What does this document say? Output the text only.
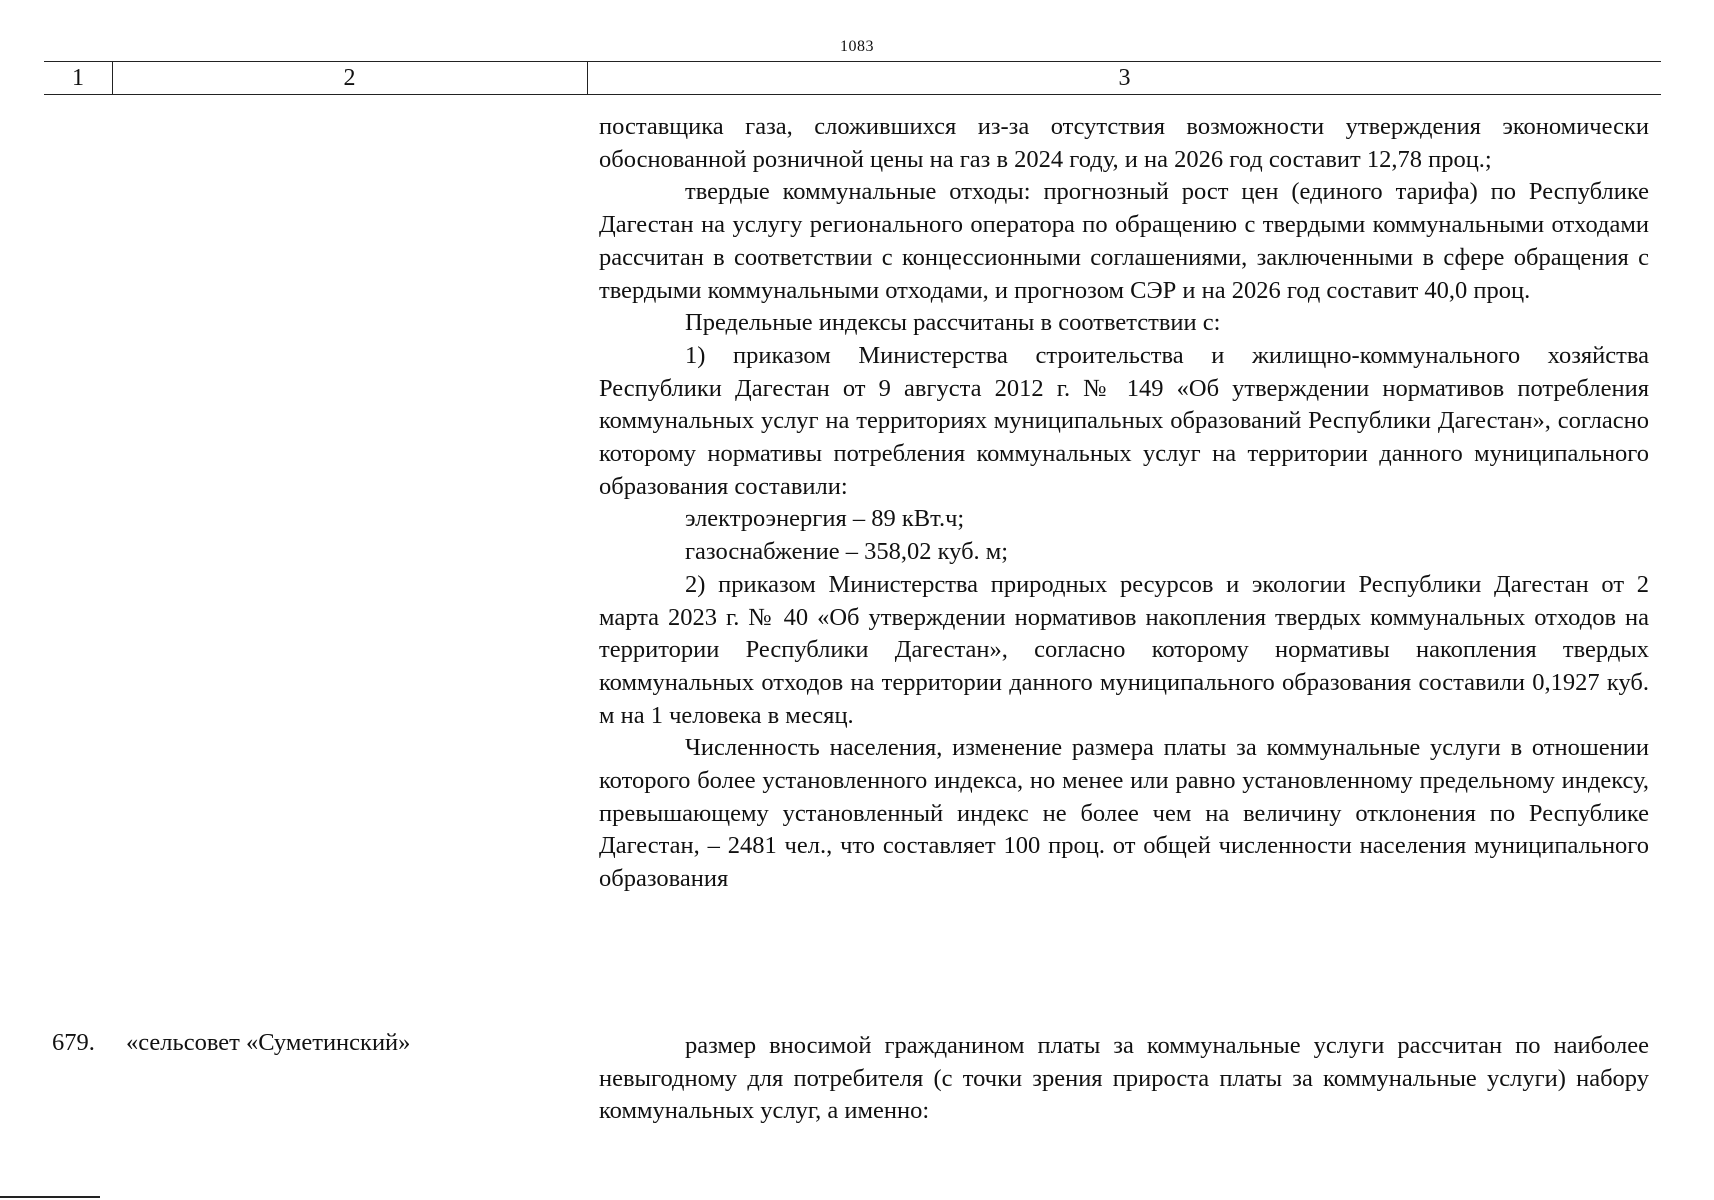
1083
1	2	3

поставщика газа, сложившихся из-за отсутствия возможности утверждения экономически обоснованной розничной цены на газ в 2024 году, и на 2026 год составит 12,78 проц.;

твердые коммунальные отходы: прогнозный рост цен (единого тарифа) по Республике Дагестан на услугу регионального оператора по обращению с твердыми коммунальными отходами рассчитан в соответствии с концессионными соглашениями, заключенными в сфере обращения с твердыми коммунальными отходами, и прогнозом СЭР и на 2026 год составит 40,0 проц.

Предельные индексы рассчитаны в соответствии с:

1) приказом Министерства строительства и жилищно-коммунального хозяйства Республики Дагестан от 9 августа 2012 г. № 149 «Об утверждении нормативов потребления коммунальных услуг на территориях муниципальных образований Республики Дагестан», согласно которому нормативы потребления коммунальных услуг на территории данного муниципального образования составили:

электроэнергия – 89 кВт.ч;

газоснабжение – 358,02 куб. м;

2) приказом Министерства природных ресурсов и экологии Республики Дагестан от 2 марта 2023 г. № 40 «Об утверждении нормативов накопления твердых коммунальных отходов на территории Республики Дагестан», согласно которому нормативы накопления твердых коммунальных отходов на территории данного муниципального образования составили 0,1927 куб. м на 1 человека в месяц.

Численность населения, изменение размера платы за коммунальные услуги в отношении которого более установленного индекса, но менее или равно установленному предельному индексу, превышающему установленный индекс не более чем на величину отклонения по Республике Дагестан, – 2481 чел., что составляет 100 проц. от общей численности населения муниципального образования

679. «сельсовет «Суметинский»	размер вносимой гражданином платы за коммунальные услуги рассчитан по наиболее невыгодному для потребителя (с точки зрения прироста платы за коммунальные услуги) набору коммунальных услуг, а именно:
